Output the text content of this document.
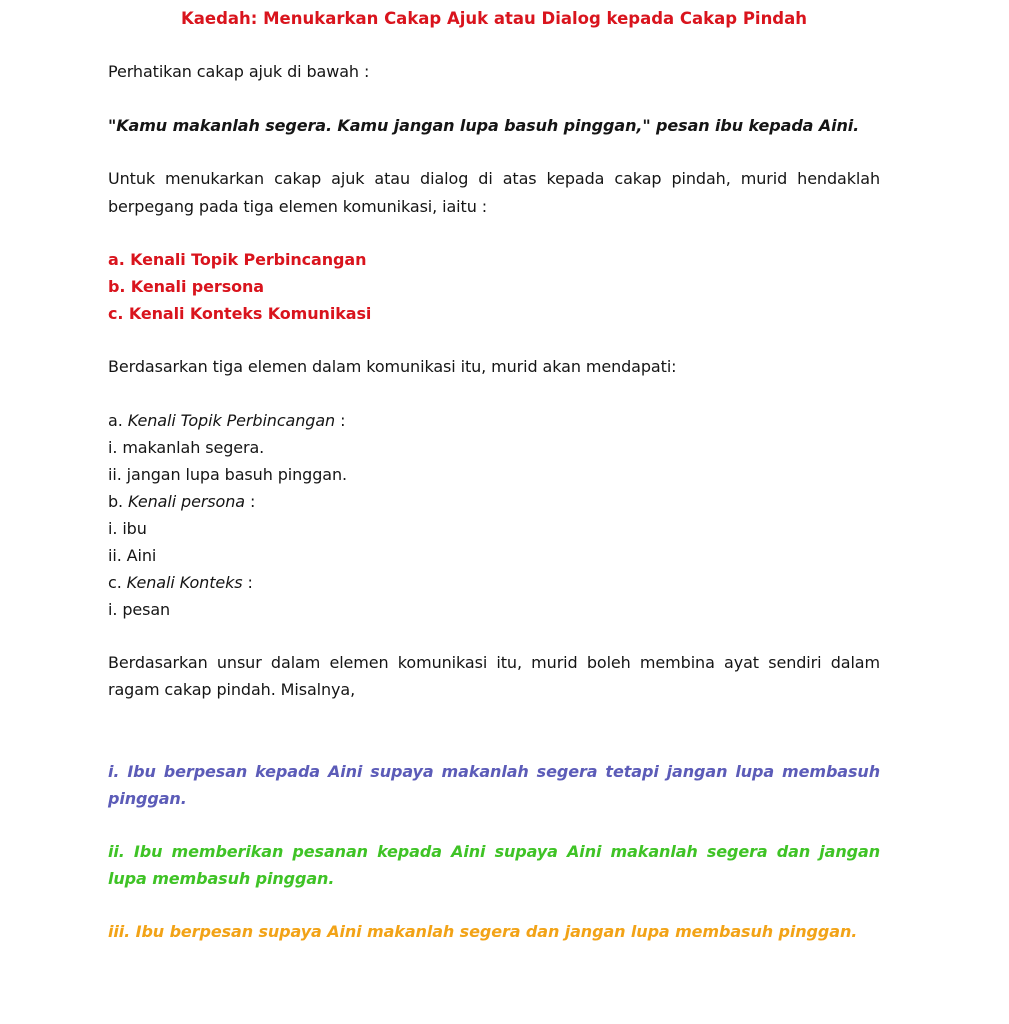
Kaedah: Menukarkan Cakap Ajuk atau Dialog kepada Cakap Pindah

Perhatikan cakap ajuk di bawah :

"Kamu makanlah segera. Kamu jangan lupa basuh pinggan," pesan ibu kepada Aini.

Untuk menukarkan cakap ajuk atau dialog di atas kepada cakap pindah, murid hendaklah berpegang pada tiga elemen komunikasi, iaitu :

a. Kenali Topik Perbincangan

b. Kenali persona

c. Kenali Konteks Komunikasi

Berdasarkan tiga elemen dalam komunikasi itu, murid akan mendapati:

a. Kenali Topik Perbincangan :

i. makanlah segera.

ii. jangan lupa basuh pinggan.

b. Kenali persona :

i. ibu

ii. Aini

c. Kenali Konteks :

i. pesan

Berdasarkan unsur dalam elemen komunikasi itu, murid boleh membina ayat sendiri dalam ragam cakap pindah. Misalnya,

i. Ibu berpesan kepada Aini supaya makanlah segera tetapi jangan lupa membasuh pinggan.

ii. Ibu memberikan pesanan kepada Aini supaya Aini makanlah segera dan jangan lupa membasuh pinggan.

iii. Ibu berpesan supaya Aini makanlah segera dan jangan lupa membasuh pinggan.
